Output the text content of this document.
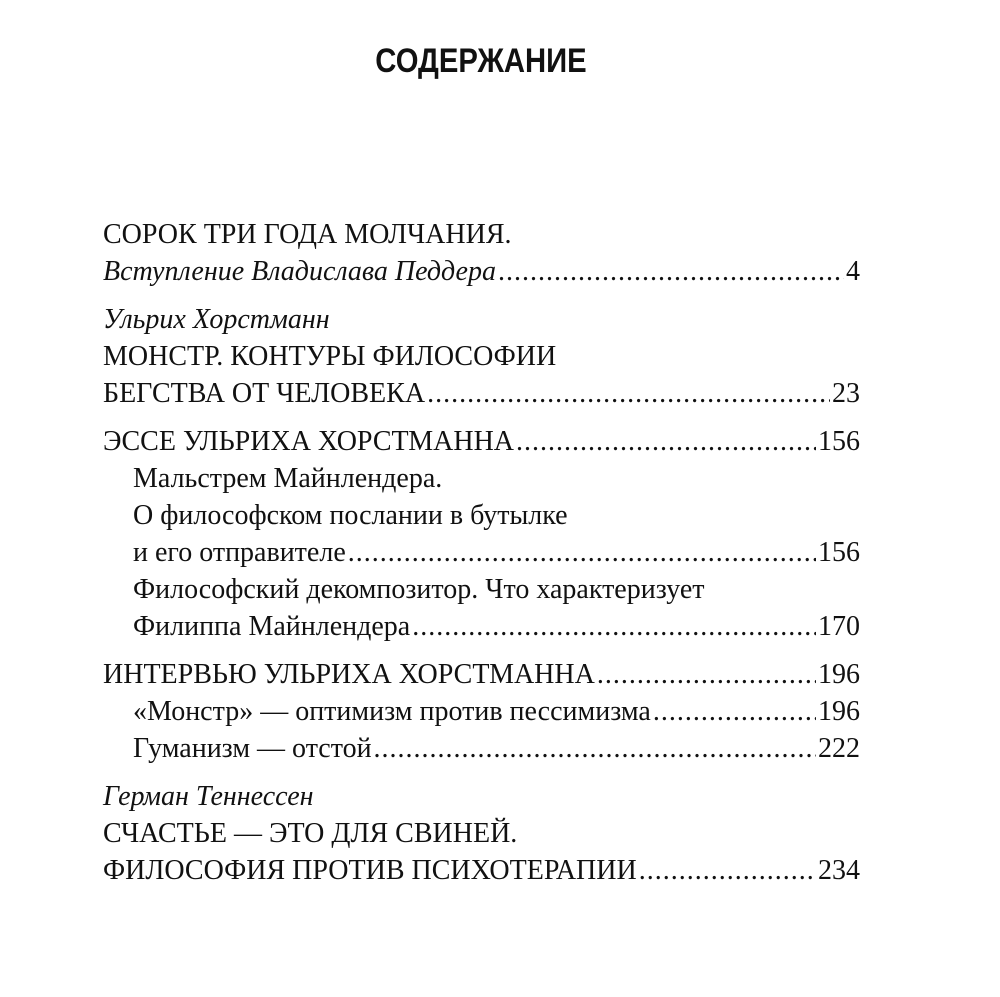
СОДЕРЖАНИЕ
СОРОК ТРИ ГОДА МОЛЧАНИЯ.
Вступление Владислава Педдера .....	4
Ульрих Хорстманн
МОНСТР. КОНТУРЫ ФИЛОСОФИИ
БЕГСТВА ОТ ЧЕЛОВЕКА .....	23
ЭССЕ УЛЬРИХА ХОРСТМАННА .....	156
Мальстрем Майнлендера.
О философском послании в бутылке
и его отправителе .....	156
Философский декомпозитор. Что характеризует
Филиппа Майнлендера .....	170
ИНТЕРВЬЮ УЛЬРИХА ХОРСТМАННА .....	196
«Монстр» — оптимизм против пессимизма .....	196
Гуманизм — отстой .....	222
Герман Теннессен
СЧАСТЬЕ — ЭТО ДЛЯ СВИНЕЙ.
ФИЛОСОФИЯ ПРОТИВ ПСИХОТЕРАПИИ .....	234
